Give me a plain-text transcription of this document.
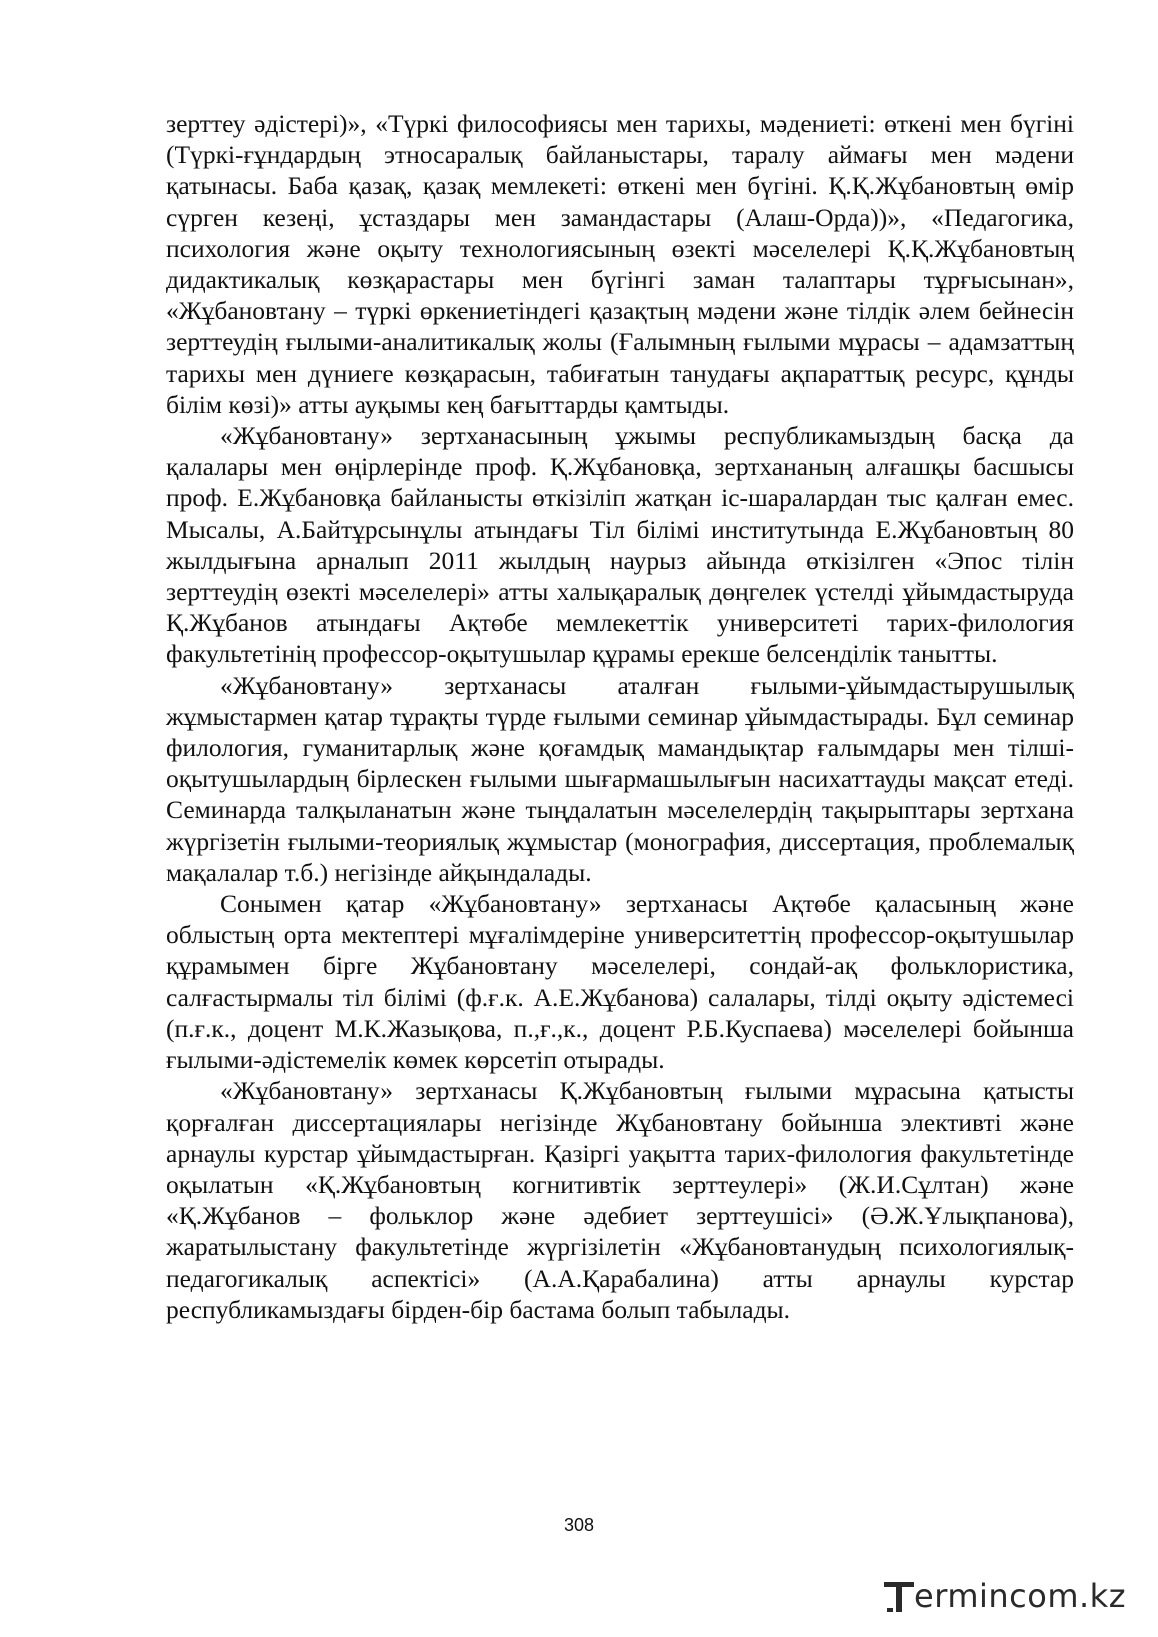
зерттеу әдістері)», «Түркі философиясы мен тарихы, мәдениеті: өткені мен бүгіні (Түркі-ғұндардың этносаралық байланыстары, таралу аймағы мен мәдени қатынасы. Баба қазақ, қазақ мемлекеті: өткені мен бүгіні. Қ.Қ.Жұбановтың өмір сүрген кезеңі, ұстаздары мен замандастары (Алаш-Орда))», «Педагогика, психология және оқыту технологиясының өзекті мәселелері Қ.Қ.Жұбановтың дидактикалық көзқарастары мен бүгінгі заман талаптары тұрғысынан», «Жұбановтану – түркі өркениетіндегі қазақтың мәдени және тілдік әлем бейнесін зерттеудің ғылыми-аналитикалық жолы (Ғалымның ғылыми мұрасы – адамзаттың тарихы мен дүниеге көзқарасын, табиғатын танудағы ақпараттық ресурс, құнды білім көзі)» атты ауқымы кең бағыттарды қамтыды.

«Жұбановтану» зертханасының ұжымы республикамыздың басқа да қалалары мен өңірлерінде проф. Қ.Жұбановқа, зертхананың алғашқы басшысы проф. Е.Жұбановқа байланысты өткізіліп жатқан іс-шаралардан тыс қалған емес. Мысалы, А.Байтұрсынұлы атындағы Тіл білімі институтында Е.Жұбановтың 80 жылдығына арналып 2011 жылдың наурыз айында өткізілген «Эпос тілін зерттеудің өзекті мәселелері» атты халықаралық дөңгелек үстелді ұйымдастыруда Қ.Жұбанов атындағы Ақтөбе мемлекеттік университеті тарих-филология факультетінің профессор-оқытушылар құрамы ерекше белсенділік танытты.

«Жұбановтану» зертханасы аталған ғылыми-ұйымдастырушылық жұмыстармен қатар тұрақты түрде ғылыми семинар ұйымдастырады. Бұл семинар филология, гуманитарлық және қоғамдық мамандықтар ғалымдары мен тілші-оқытушылардың бірлескен ғылыми шығармашылығын насихаттауды мақсат етеді. Семинарда талқыланатын және тыңдалатын мәселелердің тақырыптары зертхана жүргізетін ғылыми-теориялық жұмыстар (монография, диссертация, проблемалық мақалалар т.б.) негізінде айқындалады.

Сонымен қатар «Жұбановтану» зертханасы Ақтөбе қаласының және облыстың орта мектептері мұғалімдеріне университеттің профессор-оқытушылар құрамымен бірге Жұбановтану мәселелері, сондай-ақ фольклористика, салғастырмалы тіл білімі (ф.ғ.к. А.Е.Жұбанова) салалары, тілді оқыту әдістемесі (п.ғ.к., доцент М.К.Жазықова, п.,ғ.,к., доцент Р.Б.Куспаева) мәселелері бойынша ғылыми-әдістемелік көмек көрсетіп отырады.

«Жұбановтану» зертханасы Қ.Жұбановтың ғылыми мұрасына қатысты қорғалған диссертациялары негізінде Жұбановтану бойынша элективті және арнаулы курстар ұйымдастырған. Қазіргі уақытта тарих-филология факультетінде оқылатын «Қ.Жұбановтың когнитивтік зерттеулері» (Ж.И.Сұлтан) және «Қ.Жұбанов – фольклор және әдебиет зерттеушісі» (Ә.Ж.Ұлықпанова), жаратылыстану факультетінде жүргізілетін «Жұбановтанудың психологиялық-педагогикалық аспектісі» (А.А.Қарабалина) атты арнаулы курстар республикамыздағы бірден-бір бастама болып табылады.

308
ermincom.kz
